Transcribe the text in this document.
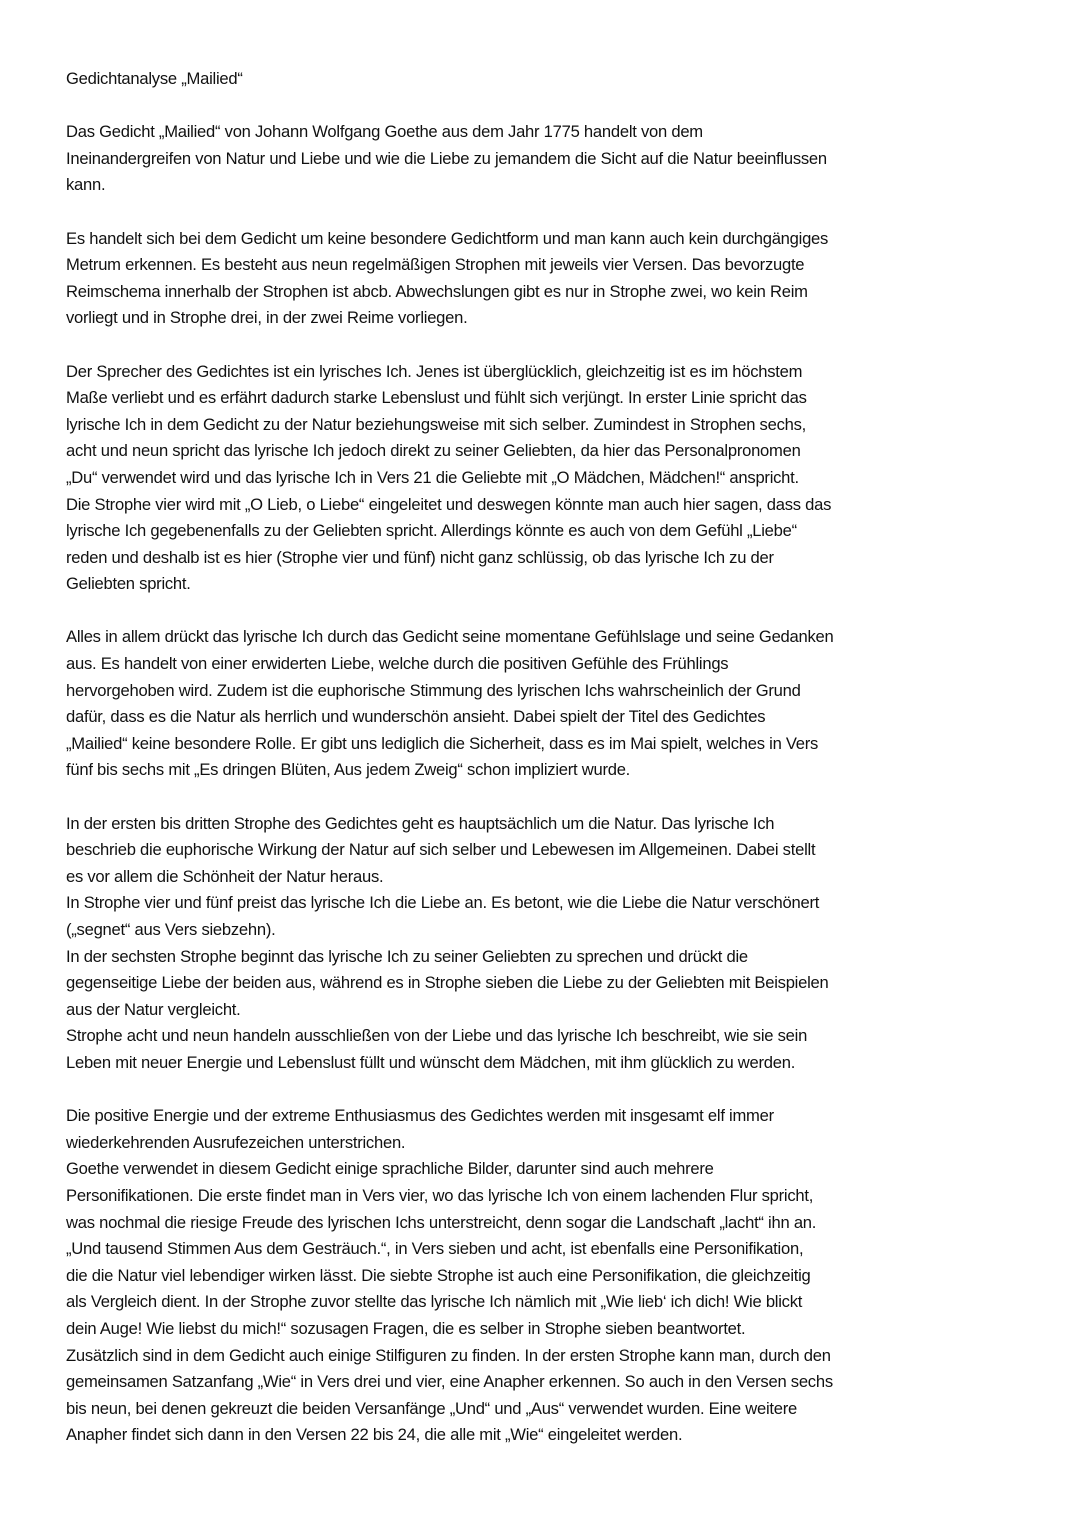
Gedichtanalyse „Mailied“
Das Gedicht „Mailied“ von Johann Wolfgang Goethe aus dem Jahr 1775 handelt von dem
Ineinandergreifen von Natur und Liebe und wie die Liebe zu jemandem die Sicht auf die Natur beeinflussen
kann.
Es handelt sich bei dem Gedicht um keine besondere Gedichtform und man kann auch kein durchgängiges
Metrum erkennen. Es besteht aus neun regelmäßigen Strophen mit jeweils vier Versen. Das bevorzugte
Reimschema innerhalb der Strophen ist abcb. Abwechslungen gibt es nur in Strophe zwei, wo kein Reim
vorliegt und in Strophe drei, in der zwei Reime vorliegen.
Der Sprecher des Gedichtes ist ein lyrisches Ich. Jenes ist überglücklich, gleichzeitig ist es im höchstem
Maße verliebt und es erfährt dadurch starke Lebenslust und fühlt sich verjüngt. In erster Linie spricht das
lyrische Ich in dem Gedicht zu der Natur beziehungsweise mit sich selber. Zumindest in Strophen sechs,
acht und neun spricht das lyrische Ich jedoch direkt zu seiner Geliebten, da hier das Personalpronomen
„Du“ verwendet wird und das lyrische Ich in Vers 21 die Geliebte mit „O Mädchen, Mädchen!“ anspricht.
Die Strophe vier wird mit „O Lieb, o Liebe“ eingeleitet und deswegen könnte man auch hier sagen, dass das
lyrische Ich gegebenenfalls zu der Geliebten spricht. Allerdings könnte es auch von dem Gefühl „Liebe“
reden und deshalb ist es hier (Strophe vier und fünf) nicht ganz schlüssig, ob das lyrische Ich zu der
Geliebten spricht.
Alles in allem drückt das lyrische Ich durch das Gedicht seine momentane Gefühlslage und seine Gedanken
aus. Es handelt von einer erwiderten Liebe, welche durch die positiven Gefühle des Frühlings
hervorgehoben wird. Zudem ist die euphorische Stimmung des lyrischen Ichs wahrscheinlich der Grund
dafür, dass es die Natur als herrlich und wunderschön ansieht. Dabei spielt der Titel des Gedichtes
„Mailied“ keine besondere Rolle. Er gibt uns lediglich die Sicherheit, dass es im Mai spielt, welches in Vers
fünf bis sechs mit „Es dringen Blüten, Aus jedem Zweig“ schon impliziert wurde.
In der ersten bis dritten Strophe des Gedichtes geht es hauptsächlich um die Natur. Das lyrische Ich
beschrieb die euphorische Wirkung der Natur auf sich selber und Lebewesen im Allgemeinen. Dabei stellt
es vor allem die Schönheit der Natur heraus.
In Strophe vier und fünf preist das lyrische Ich die Liebe an. Es betont, wie die Liebe die Natur verschönert
(„segnet“ aus Vers siebzehn).
In der sechsten Strophe beginnt das lyrische Ich zu seiner Geliebten zu sprechen und drückt die
gegenseitige Liebe der beiden aus, während es in Strophe sieben die Liebe zu der Geliebten mit Beispielen
aus der Natur vergleicht.
Strophe acht und neun handeln ausschließen von der Liebe und das lyrische Ich beschreibt, wie sie sein
Leben mit neuer Energie und Lebenslust füllt und wünscht dem Mädchen, mit ihm glücklich zu werden.
Die positive Energie und der extreme Enthusiasmus des Gedichtes werden mit insgesamt elf immer
wiederkehrenden Ausrufezeichen unterstrichen.
Goethe verwendet in diesem Gedicht einige sprachliche Bilder, darunter sind auch mehrere
Personifikationen. Die erste findet man in Vers vier, wo das lyrische Ich von einem lachenden Flur spricht,
was nochmal die riesige Freude des lyrischen Ichs unterstreicht, denn sogar die Landschaft „lacht“ ihn an.
„Und tausend Stimmen Aus dem Gesträuch.“, in Vers sieben und acht, ist ebenfalls eine Personifikation,
die die Natur viel lebendiger wirken lässt. Die siebte Strophe ist auch eine Personifikation, die gleichzeitig
als Vergleich dient. In der Strophe zuvor stellte das lyrische Ich nämlich mit „Wie lieb‘ ich dich! Wie blickt
dein Auge! Wie liebst du mich!“ sozusagen Fragen, die es selber in Strophe sieben beantwortet.
Zusätzlich sind in dem Gedicht auch einige Stilfiguren zu finden. In der ersten Strophe kann man, durch den
gemeinsamen Satzanfang „Wie“ in Vers drei und vier, eine Anapher erkennen. So auch in den Versen sechs
bis neun, bei denen gekreuzt die beiden Versanfänge „Und“ und „Aus“ verwendet wurden. Eine weitere
Anapher findet sich dann in den Versen 22 bis 24, die alle mit „Wie“ eingeleitet werden.
